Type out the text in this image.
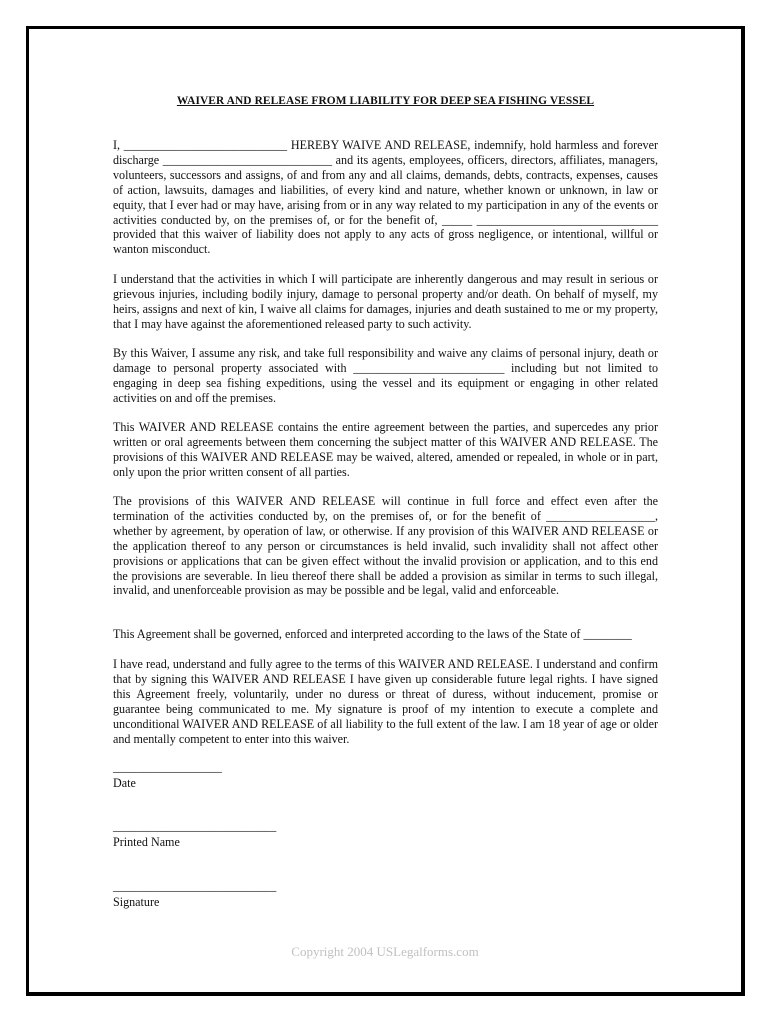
WAIVER AND RELEASE FROM LIABILITY FOR DEEP SEA FISHING VESSEL

I, ___________________________ HEREBY WAIVE AND RELEASE, indemnify, hold harmless and forever discharge ____________________________ and its agents, employees, officers, directors, affiliates, managers, volunteers, successors and assigns, of and from any and all claims, demands, debts, contracts, expenses, causes of action, lawsuits, damages and liabilities, of every kind and nature, whether known or unknown, in law or equity, that I ever had or may have, arising from or in any way related to my participation in any of the events or activities conducted by, on the premises of, or for the benefit of, _____ ______________________________ provided that this waiver of liability does not apply to any acts of gross negligence, or intentional, willful or wanton misconduct.

I understand that the activities in which I will participate are inherently dangerous and may result in serious or grievous injuries, including bodily injury, damage to personal property and/or death. On behalf of myself, my heirs, assigns and next of kin, I waive all claims for damages, injuries and death sustained to me or my property, that I may have against the aforementioned released party to such activity.

By this Waiver, I assume any risk, and take full responsibility and waive any claims of personal injury, death or damage to personal property associated with _________________________ including but not limited to engaging in deep sea fishing expeditions, using the vessel and its equipment or engaging in other related activities on and off the premises.

This WAIVER AND RELEASE contains the entire agreement between the parties, and supercedes any prior written or oral agreements between them concerning the subject matter of this WAIVER AND RELEASE. The provisions of this WAIVER AND RELEASE may be waived, altered, amended or repealed, in whole or in part, only upon the prior written consent of all parties.

The provisions of this WAIVER AND RELEASE will continue in full force and effect even after the termination of the activities conducted by, on the premises of, or for the benefit of __________________, whether by agreement, by operation of law, or otherwise. If any provision of this WAIVER AND RELEASE or the application thereof to any person or circumstances is held invalid, such invalidity shall not affect other provisions or applications that can be given effect without the invalid provision or application, and to this end the provisions are severable. In lieu thereof there shall be added a provision as similar in terms to such illegal, invalid, and unenforceable provision as may be possible and be legal, valid and enforceable.

This Agreement shall be governed, enforced and interpreted according to the laws of the State of ________

I have read, understand and fully agree to the terms of this WAIVER AND RELEASE. I understand and confirm that by signing this WAIVER AND RELEASE I have given up considerable future legal rights. I have signed this Agreement freely, voluntarily, under no duress or threat of duress, without inducement, promise or guarantee being communicated to me. My signature is proof of my intention to execute a complete and unconditional WAIVER AND RELEASE of all liability to the full extent of the law. I am 18 year of age or older and mentally competent to enter into this waiver.

__________________
Date
___________________________
Printed Name
___________________________
Signature
Copyright 2004 USLegalforms.com
